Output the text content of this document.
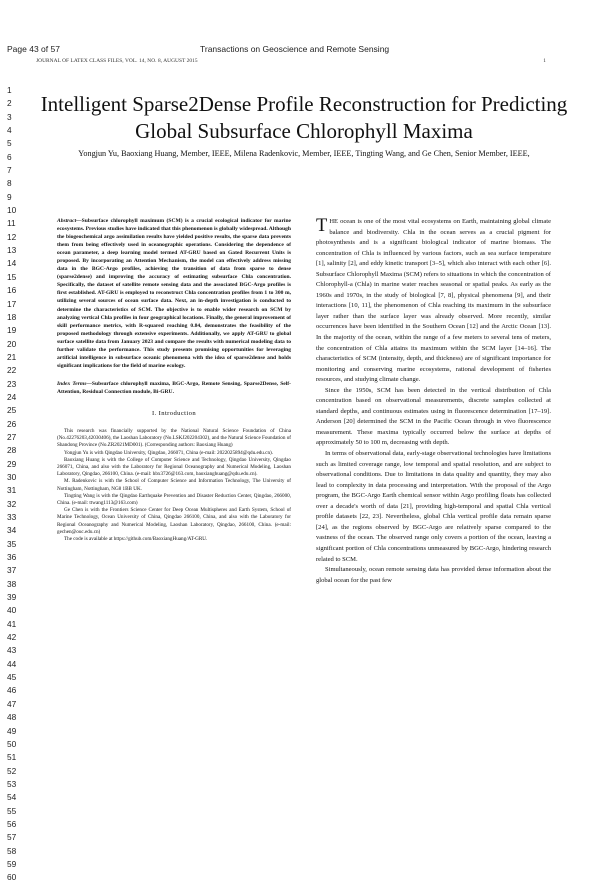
Page 43 of 57	Transactions on Geoscience and Remote Sensing
JOURNAL OF LATEX CLASS FILES, VOL. 14, NO. 8, AUGUST 2015	1
1
2
3
4
5
6
7
8
9
10
11
12
13
14
15
16
17
18
19
20
21
22
23
24
25
26
27
28
29
30
31
32
33
34
35
36
37
38
39
40
41
42
43
44
45
46
47
48
49
50
51
52
53
54
55
56
57
58
59
60
Intelligent Sparse2Dense Profile Reconstruction for Predicting Global Subsurface Chlorophyll Maxima
Yongjun Yu, Baoxiang Huang, Member, IEEE, Milena Radenkovic, Member, IEEE, Tingting Wang, and Ge Chen, Senior Member, IEEE,
Abstract—Subsurface chlorophyll maximum (SCM) is a crucial ecological indicator for marine ecosystems. Previous studies have indicated that this phenomenon is globally widespread. Although the biogeochemical argo assimilation results have yielded positive results, the sparse data prevents them from being effectively used in oceanographic operations. Considering the dependence of ocean parameter, a deep learning model termed AT-GRU based on Gated Recurrent Units is proposed. By incorporating an Attention Mechanism, the model can effectively address missing data in the BGC-Argo profiles, achieving the transition of data from sparse to dense (sparse2dense) and improving the accuracy of estimating subsurface Chla concentration. Specifically, the dataset of satellite remote sensing data and the associated BGC-Argo profiles is first established. AT-GRU is employed to reconstruct Chla concentration profiles from 1 to 300 m, utilizing several sources of ocean surface data. Next, an in-depth investigation is conducted to determine the characteristics of SCM. The objective is to enable wider research on SCM by analyzing vertical Chla profiles in four geographical locations. Finally, the general improvement of skill performance metrics, with R-squared reaching 0.84, demonstrates the feasibility of the proposed methodology through extensive experiments. Additionally, we apply AT-GRU to global surface satellite data from January 2023 and compare the results with numerical modeling data to further validate the performance. This study presents promising opportunities for leveraging artificial intelligence in subsurface oceanic phenomena with the idea of sparse2dense and holds significant implications for the field of marine ecology.
Index Terms—Subsurface chlorophyll maxima, BGC-Argo, Remote Sensing, Sparse2Dense, Self-Attention, Residual Connection module, Bi-GRU.
I. Introduction

This research was financially supported by the National Natural Science Foundation of China (No.42276203,42030406), the Laoshan Laboratory (No.LSKJ202204302), and the Natural Science Foundation of Shandong Province (No.ZR2021MD001). (Corresponding authors: Baoxiang Huang)

Yongjun Yu is with Qingdao University, Qingdao, 266071, China (e-mail: 2022025894@qdu.edu.cn).

Baoxiang Huang is with the College of Computer Science and Technology, Qingdao University, Qingdao 266071, China, and also with the Laboratory for Regional Oceanography and Numerical Modeling, Laoshan Laboratory, Qingdao, 266100, China. (e-mail: hbx3726@163.com, baoxianghuang@qdu.edu.cn).

M. Radenkovic is with the School of Computer Science and Information Technology, The University of Nottingham, Nottingham, NG8 1BB UK.

Tingting Wang is with the Qingdao Earthquake Prevention and Disaster Reduction Center, Qingdao, 266000, China. (e-mail: ttwang1113@163.com)

Ge Chen is with the Frontiers Science Center for Deep Ocean Multispheres and Earth System, School of Marine Technology, Ocean University of China, Qingdao 266100, China, and also with the Laboratory for Regional Oceanography and Numerical Modeling, Laoshan Laboratory, Qingdao, 266100, China. (e-mail: gechen@ouc.edu.cn)

The code is available at https://github.com/BaoxiangHuang/AT-GRU.

THE ocean is one of the most vital ecosystems on Earth, maintaining global climate balance and biodiversity. Chla in the ocean serves as a crucial pigment for photosynthesis and is a significant biological indicator of marine biomass. The concentration of Chla is influenced by various factors, such as sea surface temperature [1], salinity [2], and eddy kinetic transport [3–5], which also interact with each other [6]. Subsurface Chlorophyll Maxima (SCM) refers to situations in which the concentration of Chlorophyll-a (Chla) in marine water reaches seasonal or spatial peaks. As early as the 1960s and 1970s, in the study of biological [7, 8], physical phenomena [9], and their interactions [10, 11], the phenomenon of Chla reaching its maximum in the subsurface layer rather than the surface layer was already observed. More recently, similar occurrences have been identified in the Southern Ocean [12] and the Arctic Ocean [13]. In the majority of the ocean, within the range of a few meters to several tens of meters, the concentration of Chla attains its maximum within the SCM layer [14–16]. The characteristics of SCM (intensity, depth, and thickness) are of significant importance for monitoring and conserving marine ecosystems, rational development of fisheries resources, and studying climate change.

Since the 1950s, SCM has been detected in the vertical distribution of Chla concentration based on observational measurements, discrete samples collected at standard depths, and continuous estimates using in fluorescence determination [17–19]. Anderson [20] determined the SCM in the Pacific Ocean through in vivo fluorescence measurement. These maxima typically occurred below the surface at depths of approximately 50 to 100 m, decreasing with depth.

In terms of observational data, early-stage observational technologies have limitations such as limited coverage range, low temporal and spatial resolution, and are subject to observational conditions. Due to limitations in data quality and quantity, they may also lead to complexity in data processing and interpretation. With the proposal of the Argo program, the BGC-Argo Earth chemical sensor within Argo profiling floats has collected over a decade's worth of data [21], providing high-temporal and spatial Chla vertical profile datasets [22, 23]. Nevertheless, global Chla vertical profile data remain sparse [24], as the regions observed by BGC-Argo are relatively sparse compared to the vastness of the ocean. The observed range only covers a portion of the ocean, leaving a significant portion of Chla concentrations unmeasured by BGC-Argo, hindering research related to SCM.

Simultaneously, ocean remote sensing data has provided dense information about the global ocean for the past few
